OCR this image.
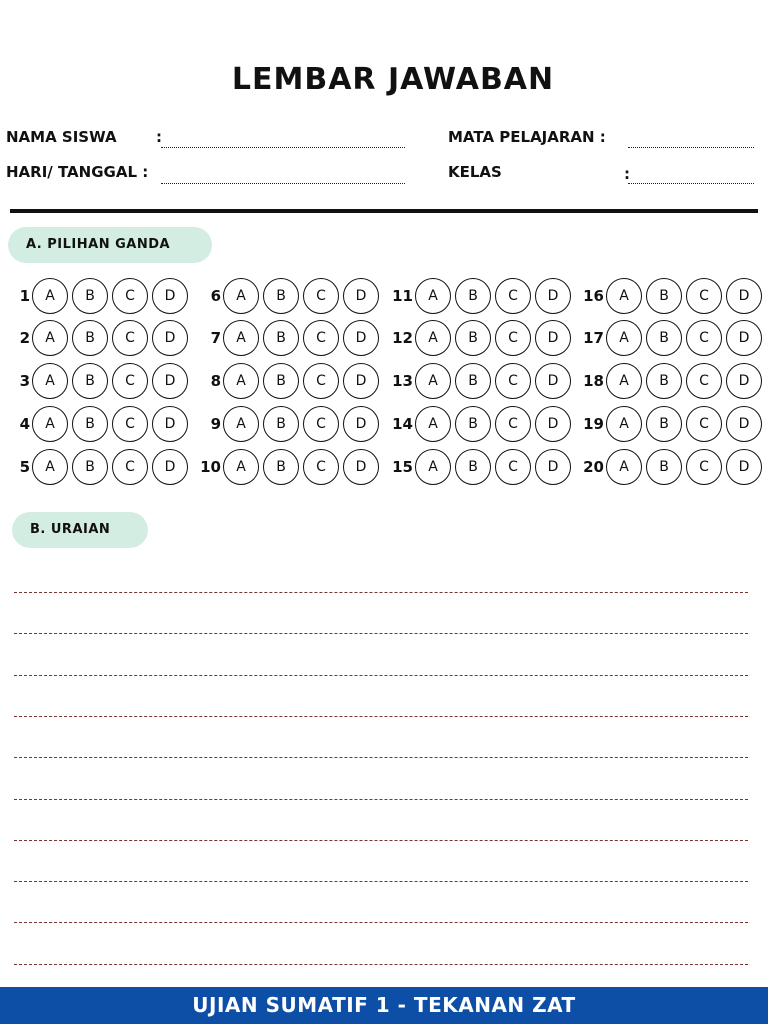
LEMBAR JAWABAN
NAMA SISWA	:
HARI/ TANGGAL :
MATA PELAJARAN :
KELAS	:
A. PILIHAN GANDA
1	A	B	C	D
2	A	B	C	D
3	A	B	C	D
4	A	B	C	D
5	A	B	C	D
6	A	B	C	D
7	A	B	C	D
8	A	B	C	D
9	A	B	C	D
10	A	B	C	D
11	A	B	C	D
12	A	B	C	D
13	A	B	C	D
14	A	B	C	D
15	A	B	C	D
16	A	B	C	D
17	A	B	C	D
18	A	B	C	D
19	A	B	C	D
20	A	B	C	D
B. URAIAN
UJIAN SUMATIF 1 - TEKANAN ZAT
